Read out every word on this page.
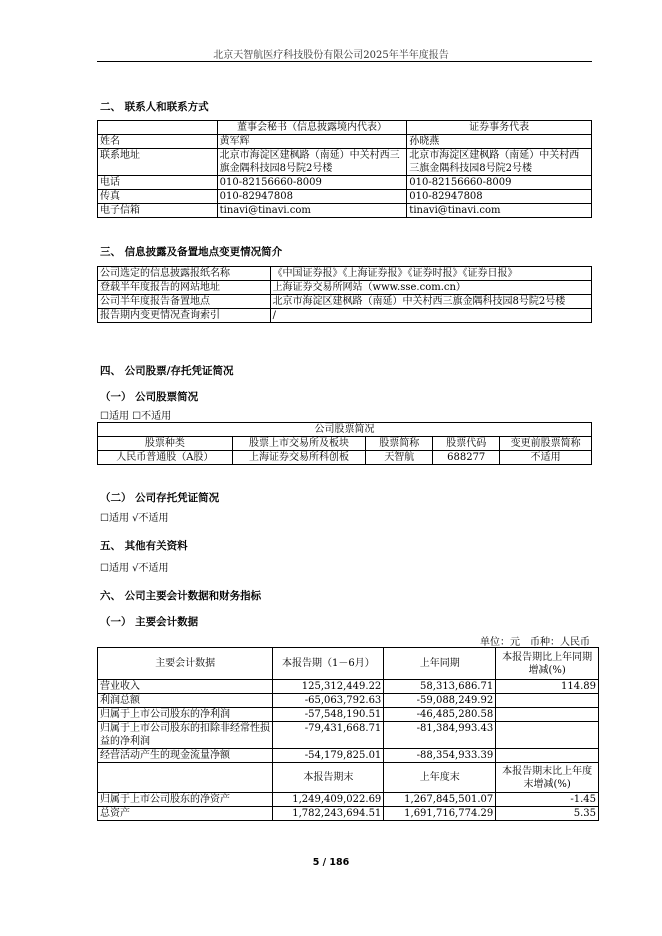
北京天智航医疗科技股份有限公司2025年半年度报告
二、 联系人和联系方式
	董事会秘书（信息披露境内代表）	证券事务代表
姓名	黄军辉	孙晓燕
联系地址	北京市海淀区建枫路（南延）中关村西三旗金隅科技园8号院2号楼	北京市海淀区建枫路（南延）中关村西三旗金隅科技园8号院2号楼
电话	010-82156660-8009	010-82156660-8009
传真	010-82947808	010-82947808
电子信箱	tinavi@tinavi.com	tinavi@tinavi.com
三、 信息披露及备置地点变更情况简介
公司选定的信息披露报纸名称	《中国证券报》《上海证券报》《证券时报》《证券日报》
登载半年度报告的网站地址	上海证券交易所网站（www.sse.com.cn）
公司半年度报告备置地点	北京市海淀区建枫路（南延）中关村西三旗金隅科技园8号院2号楼
报告期内变更情况查询索引	/
四、 公司股票/存托凭证简况
（一） 公司股票简况
☐适用 ☐不适用
公司股票简况				
股票种类	股票上市交易所及板块	股票简称	股票代码	变更前股票简称
人民币普通股（A股）	上海证券交易所科创板	天智航	688277	不适用
（二） 公司存托凭证简况
☐适用 √不适用
五、 其他有关资料
☐适用 √不适用
六、 公司主要会计数据和财务指标
（一） 主要会计数据
单位：元　币种：人民币
主要会计数据	本报告期（1－6月）	上年同期	本报告期比上年同期增减(%)
营业收入	125,312,449.22	58,313,686.71	114.89
利润总额	-65,063,792.63	-59,088,249.92	
归属于上市公司股东的净利润	-57,548,190.51	-46,485,280.58	
归属于上市公司股东的扣除非经常性损益的净利润	-79,431,668.71	-81,384,993.43	
经营活动产生的现金流量净额	-54,179,825.01	-88,354,933.39	
	本报告期末	上年度末	本报告期末比上年度末增减(%)
归属于上市公司股东的净资产	1,249,409,022.69	1,267,845,501.07	-1.45
总资产	1,782,243,694.51	1,691,716,774.29	5.35
5 / 186
